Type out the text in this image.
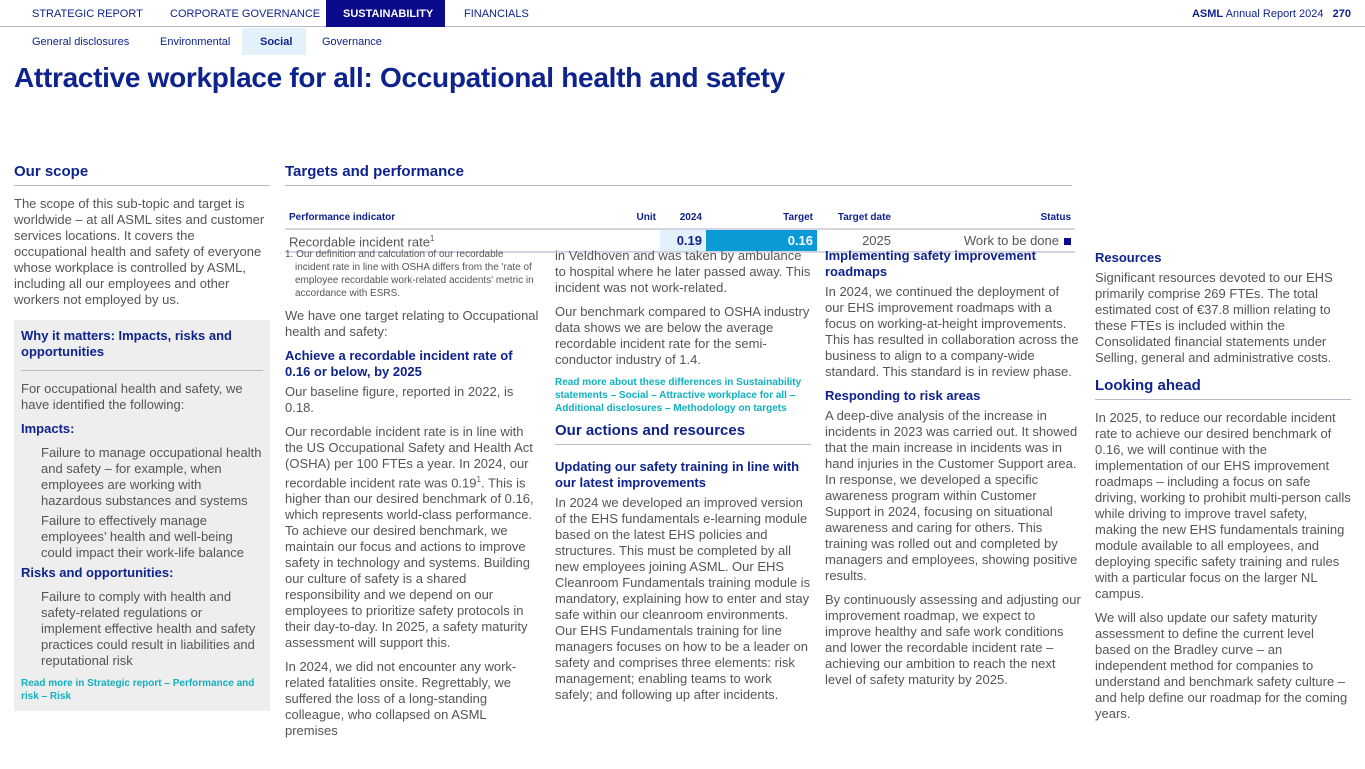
STRATEGIC REPORT	CORPORATE GOVERNANCE	SUSTAINABILITY	FINANCIALS	ASML Annual Report 2024 270
General disclosures	Environmental	Social	Governance
Attractive workplace for all: Occupational health and safety
Our scope

The scope of this sub-topic and target is worldwide – at all ASML sites and customer services locations. It covers the occupational health and safety of everyone whose workplace is controlled by ASML, including all our employees and other workers not employed by us.

Why it matters: Impacts, risks and opportunities

For occupational health and safety, we have identified the following:

Impacts:

Failure to manage occupational health and safety – for example, when employees are working with hazardous substances and systems

Failure to effectively manage employees’ health and well-being could impact their work-life balance

Risks and opportunities:

Failure to comply with health and safety-related regulations or implement effective health and safety practices could result in liabilities and reputational risk

Read more in Strategic report – Performance and risk – Risk

Targets and performance
Performance indicator	Unit	2024	Target	Target date	Status
Recordable incident rate$^1$		0.19	0.16	2025	Work to be done

1. Our definition and calculation of our recordable incident rate in line with OSHA differs from the 'rate of employee recordable work-related accidents' metric in accordance with ESRS.

We have one target relating to Occupational health and safety:

Achieve a recordable incident rate of 0.16 or below, by 2025

Our baseline figure, reported in 2022, is 0.18.

Our recordable incident rate is in line with the US Occupational Safety and Health Act (OSHA) per 100 FTEs a year. In 2024, our recordable incident rate was 0.19$^1$. This is higher than our desired benchmark of 0.16, which represents world-class performance. To achieve our desired benchmark, we maintain our focus and actions to improve safety in technology and systems. Building our culture of safety is a shared responsibility and we depend on our employees to prioritize safety protocols in their day-to-day. In 2025, a safety maturity assessment will support this.

In 2024, we did not encounter any work-related fatalities onsite. Regrettably, we suffered the loss of a long-standing colleague, who collapsed on ASML premises

in Veldhoven and was taken by ambulance to hospital where he later passed away. This incident was not work-related.

Our benchmark compared to OSHA industry data shows we are below the average recordable incident rate for the semi-conductor industry of 1.4.

Read more about these differences in Sustainability statements – Social – Attractive workplace for all – Additional disclosures – Methodology on targets

Our actions and resources
Updating our safety training in line with our latest improvements

In 2024 we developed an improved version of the EHS fundamentals e-learning module based on the latest EHS policies and structures. This must be completed by all new employees joining ASML. Our EHS Cleanroom Fundamentals training module is mandatory, explaining how to enter and stay safe within our cleanroom environments. Our EHS Fundamentals training for line managers focuses on how to be a leader on safety and comprises three elements: risk management; enabling teams to work safely; and following up after incidents.

Implementing safety improvement roadmaps

In 2024, we continued the deployment of our EHS improvement roadmaps with a focus on working-at-height improvements. This has resulted in collaboration across the business to align to a company-wide standard. This standard is in review phase.

Responding to risk areas

A deep-dive analysis of the increase in incidents in 2023 was carried out. It showed that the main increase in incidents was in hand injuries in the Customer Support area. In response, we developed a specific awareness program within Customer Support in 2024, focusing on situational awareness and caring for others. This training was rolled out and completed by managers and employees, showing positive results.

By continuously assessing and adjusting our improvement roadmap, we expect to improve healthy and safe work conditions and lower the recordable incident rate – achieving our ambition to reach the next level of safety maturity by 2025.

Resources

Significant resources devoted to our EHS primarily comprise 269 FTEs. The total estimated cost of €37.8 million relating to these FTEs is included within the Consolidated financial statements under Selling, general and administrative costs.

Looking ahead

In 2025, to reduce our recordable incident rate to achieve our desired benchmark of 0.16, we will continue with the implementation of our EHS improvement roadmaps – including a focus on safe driving, working to prohibit multi-person calls while driving to improve travel safety, making the new EHS fundamentals training module available to all employees, and deploying specific safety training and rules with a particular focus on the larger NL campus.

We will also update our safety maturity assessment to define the current level based on the Bradley curve – an independent method for companies to understand and benchmark safety culture – and help define our roadmap for the coming years.
